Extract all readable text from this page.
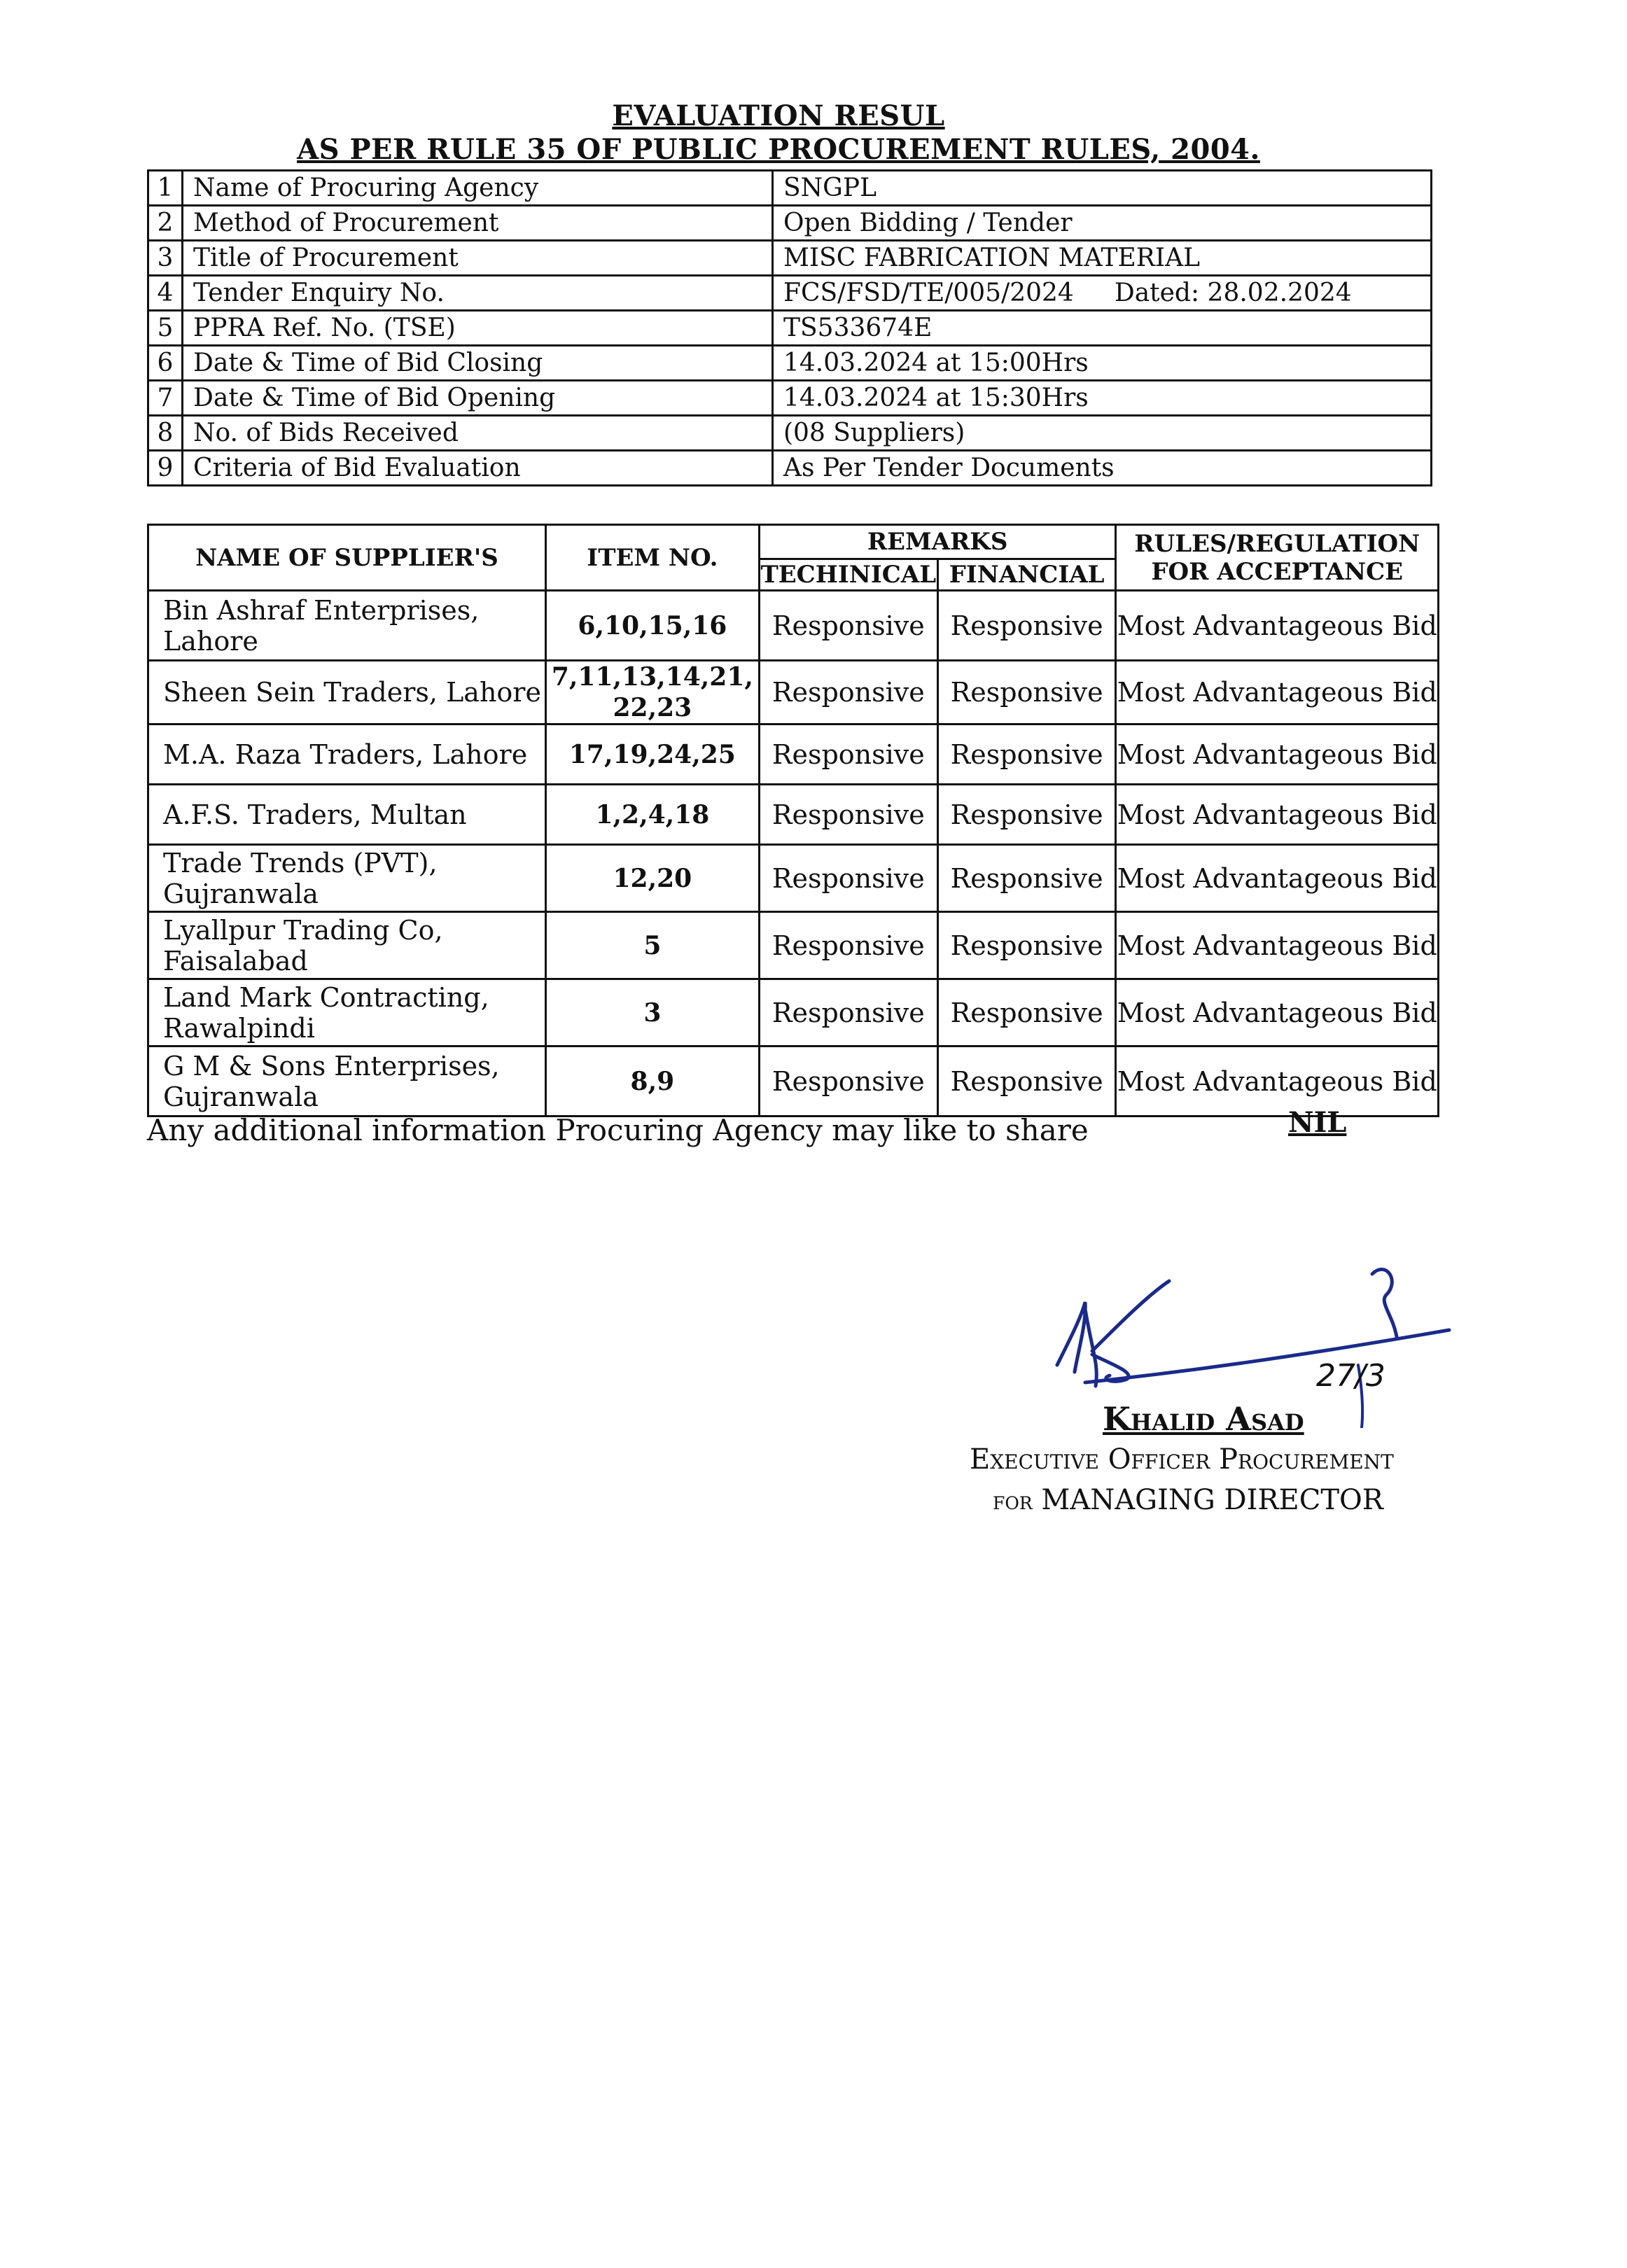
EVALUATION RESUL
AS PER RULE 35 OF PUBLIC PROCUREMENT RULES, 2004.
1	Name of Procuring Agency	SNGPL
2	Method of Procurement	Open Bidding / Tender
3	Title of Procurement	MISC FABRICATION MATERIAL
4	Tender Enquiry No.	FCS/FSD/TE/005/2024 Dated: 28.02.2024
5	PPRA Ref. No. (TSE)	TS533674E
6	Date & Time of Bid Closing	14.03.2024 at 15:00Hrs
7	Date & Time of Bid Opening	14.03.2024 at 15:30Hrs
8	No. of Bids Received	(08 Suppliers)
9	Criteria of Bid Evaluation	As Per Tender Documents
NAME OF SUPPLIER'S	ITEM NO.	REMARKS		RULES/REGULATION
FOR ACCEPTANCE

		TECHINICAL	FINANCIAL	
Bin Ashraf Enterprises, Lahore	6,10,15,16	Responsive	Responsive	Most Advantageous Bid
Sheen Sein Traders, Lahore	7,11,13,14,21, 22,23	Responsive	Responsive	Most Advantageous Bid
M.A. Raza Traders, Lahore	17,19,24,25	Responsive	Responsive	Most Advantageous Bid
A.F.S. Traders, Multan	1,2,4,18	Responsive	Responsive	Most Advantageous Bid
Trade Trends (PVT), Gujranwala	12,20	Responsive	Responsive	Most Advantageous Bid
Lyallpur Trading Co, Faisalabad	5	Responsive	Responsive	Most Advantageous Bid
Land Mark Contracting, Rawalpindi	3	Responsive	Responsive	Most Advantageous Bid
G M & Sons Enterprises, Gujranwala	8,9	Responsive	Responsive	Most Advantageous Bid
Any additional information Procuring Agency may like to share	NIL
27/3
Khalid Asad
Executive Officer Procurement
for MANAGING DIRECTOR
